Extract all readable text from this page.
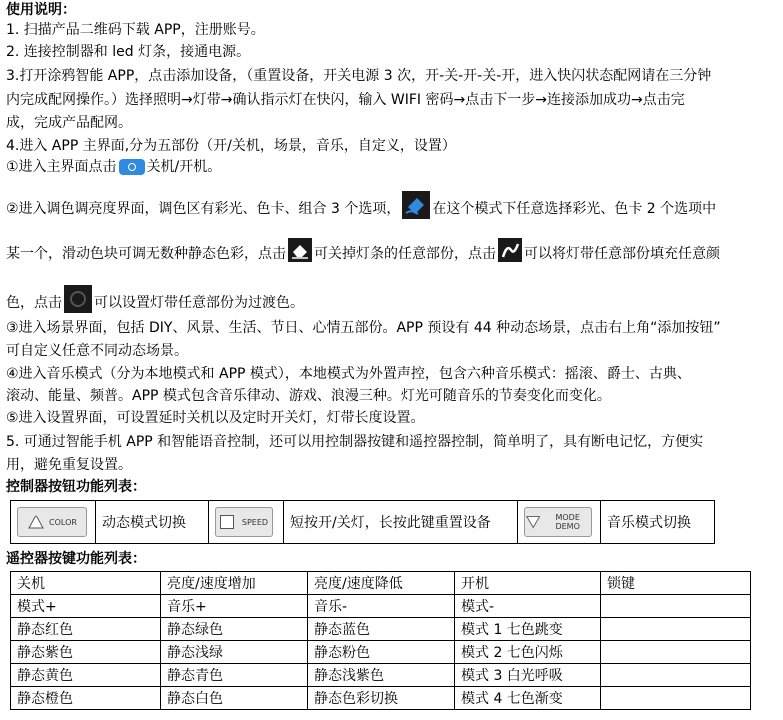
使用说明：
1. 扫描产品二维码下载 APP，注册账号。
2. 连接控制器和 led 灯条，接通电源。
3.打开涂鸦智能 APP，点击添加设备，（重置设备，开关电源 3 次，开-关-开-关-开，进入快闪状态配网请在三分钟
内完成配网操作。）选择照明→灯带→确认指示灯在快闪，输入 WIFI 密码→点击下一步→连接添加成功→点击完
成，完成产品配网。
4.进入 APP 主界面,分为五部份（开/关机，场景，音乐，自定义，设置）
①进入主界面点击 关机/开机。
②进入调色调亮度界面，调色区有彩光、色卡、组合 3 个选项， 在这个模式下任意选择彩光、色卡 2 个选项中
某一个，滑动色块可调无数种静态色彩，点击 可关掉灯条的任意部份，点击 可以将灯带任意部份填充任意颜
色，点击 可以设置灯带任意部份为过渡色。
③进入场景界面，包括 DIY、风景、生活、节日、心情五部份。APP 预设有 44 种动态场景，点击右上角“添加按钮”
可自定义任意不同动态场景。
④进入音乐模式（分为本地模式和 APP 模式），本地模式为外置声控，包含六种音乐模式：摇滚、爵士、古典、
滚动、能量、频普。APP 模式包含音乐律动、游戏、浪漫三种。灯光可随音乐的节奏变化而变化。
⑤进入设置界面，可设置延时关机以及定时开关灯，灯带长度设置。
5. 可通过智能手机 APP 和智能语音控制，还可以用控制器按键和遥控器控制，简单明了，具有断电记忆，方便实
用，避免重复设置。
控制器按钮功能列表：
COLOR	动态模式切换	SPEED	短按开/关灯，长按此键重置设备	MODE DEMO	音乐模式切换
遥控器按键功能列表：
关机	亮度/速度增加	亮度/速度降低	开机	锁键
模式+	音乐+	音乐-	模式-	
静态红色	静态绿色	静态蓝色	模式 1 七色跳变	
静态紫色	静态浅绿	静态粉色	模式 2 七色闪烁	
静态黄色	静态青色	静态浅紫色	模式 3 白光呼吸	
静态橙色	静态白色	静态色彩切换	模式 4 七色渐变	
